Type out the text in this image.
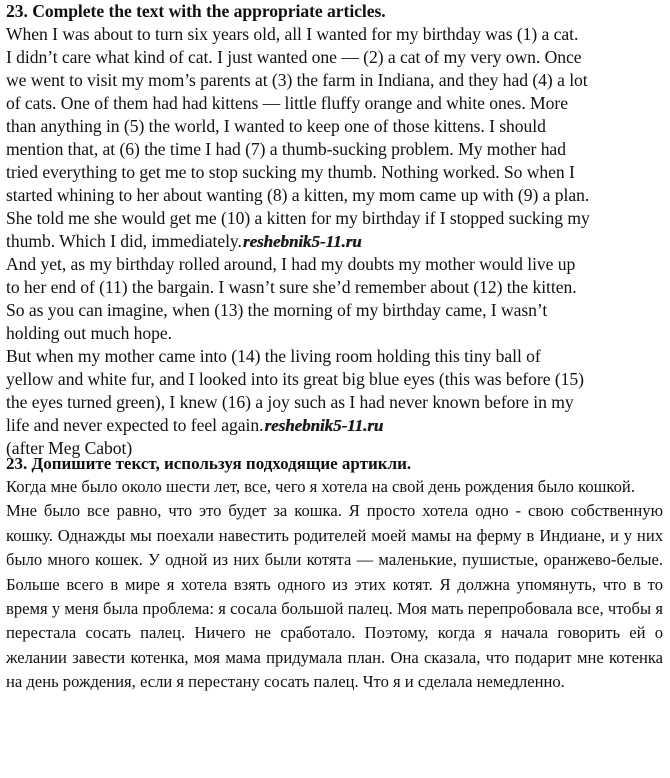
23. Complete the text with the appropriate articles.
When I was about to turn six years old, all I wanted for my birthday was (1) a cat.
I didn’t care what kind of cat. I just wanted one — (2) a cat of my very own. Once
we went to visit my mom’s parents at (3) the farm in Indiana, and they had (4) a lot
of cats. One of them had had kittens — little fluffy orange and white ones. More
than anything in (5) the world, I wanted to keep one of those kittens. I should
mention that, at (6) the time I had (7) a thumb-sucking problem. My mother had
tried everything to get me to stop sucking my thumb. Nothing worked. So when I
started whining to her about wanting (8) a kitten, my mom came up with (9) a plan.
She told me she would get me (10) a kitten for my birthday if I stopped sucking my
thumb. Which I did, immediately.reshebnik5-11.ru
And yet, as my birthday rolled around, I had my doubts my mother would live up
to her end of (11) the bargain. I wasn’t sure she’d remember about (12) the kitten.
So as you can imagine, when (13) the morning of my birthday came, I wasn’t
holding out much hope.
But when my mother came into (14) the living room holding this tiny ball of
yellow and white fur, and I looked into its great big blue eyes (this was before (15)
the eyes turned green), I knew (16) a joy such as I had never known before in my
life and never expected to feel again.reshebnik5-11.ru
(after Meg Cabot)
23. Допишите текст, используя подходящие артикли.

Когда мне было около шести лет, все, чего я хотела на свой день рождения было кошкой.

Мне было все равно, что это будет за кошка. Я просто хотела одно - свою собственную кошку. Однажды мы поехали навестить родителей моей мамы на ферму в Индиане, и у них было много кошек. У одной из них были котята — маленькие, пушистые, оранжево-белые. Больше всего в мире я хотела взять одного из этих котят. Я должна упомянуть, что в то время у меня была проблема: я сосала большой палец. Моя мать перепробовала все, чтобы я перестала сосать палец. Ничего не сработало. Поэтому, когда я начала говорить ей о желании завести котенка, моя мама придумала план. Она сказала, что подарит мне котенка на день рождения, если я перестану сосать палец. Что я и сделала немедленно.
